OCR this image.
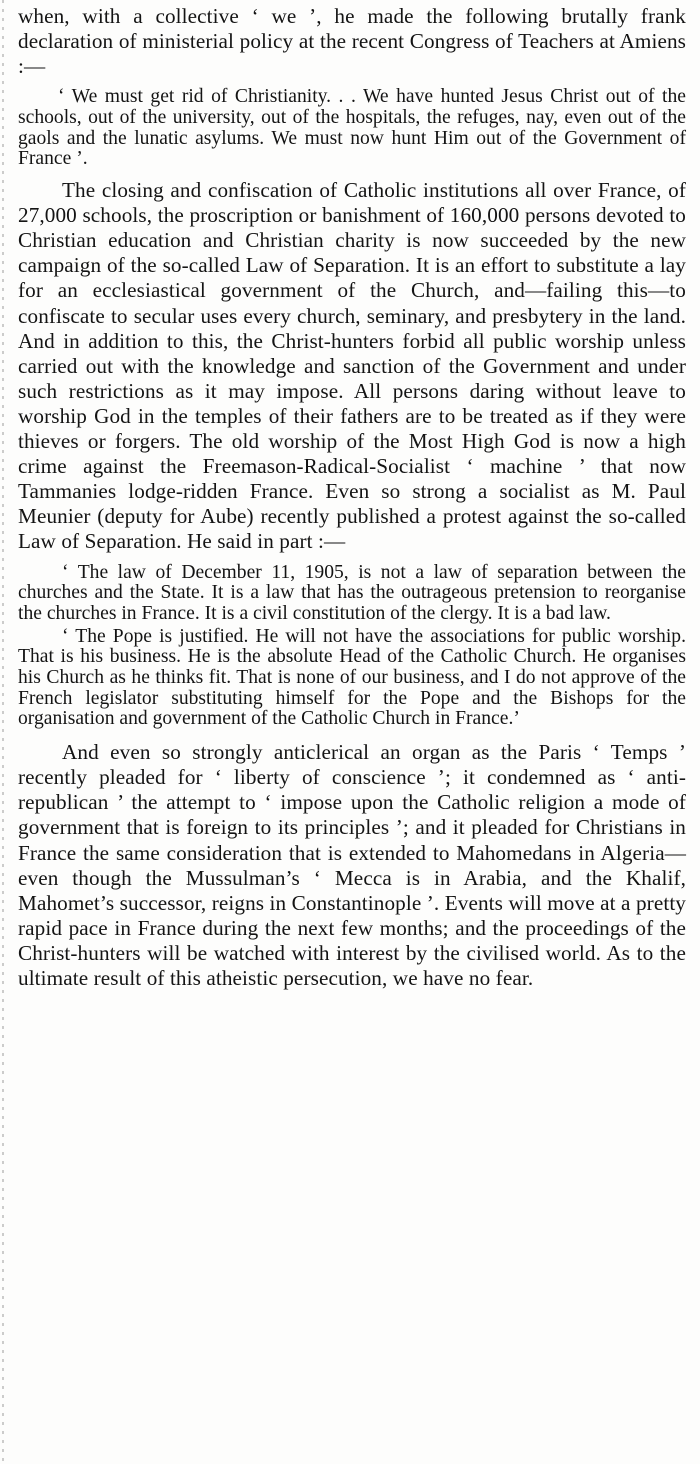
when, with a collective ‘ we ’, he made the following brutally frank declaration of ministerial policy at the recent Congress of Teachers at Amiens :—

‘ We must get rid of Christianity. . . We have hunted Jesus Christ out of the schools, out of the university, out of the hospitals, the refuges, nay, even out of the gaols and the lunatic asylums. We must now hunt Him out of the Government of France ’.

The closing and confiscation of Catholic institutions all over France, of 27,000 schools, the proscription or banishment of 160,000 persons devoted to Christian education and Christian charity is now succeeded by the new campaign of the so-called Law of Separation. It is an effort to substitute a lay for an ecclesiastical government of the Church, and—failing this—to confiscate to secular uses every church, seminary, and presbytery in the land. And in addition to this, the Christ-hunters forbid all public worship unless carried out with the knowledge and sanction of the Government and under such restrictions as it may impose. All persons daring without leave to worship God in the temples of their fathers are to be treated as if they were thieves or forgers. The old worship of the Most High God is now a high crime against the Freemason-Radical-Socialist ‘ machine ’ that now Tammanies lodge-ridden France. Even so strong a socialist as M. Paul Meunier (deputy for Aube) recently published a protest against the so-called Law of Separation. He said in part :—

‘ The law of December 11, 1905, is not a law of separation between the churches and the State. It is a law that has the outrageous pretension to reorganise the churches in France. It is a civil constitution of the clergy. It is a bad law.

‘ The Pope is justified. He will not have the associations for public worship. That is his business. He is the absolute Head of the Catholic Church. He organises his Church as he thinks fit. That is none of our business, and I do not approve of the French legislator substituting himself for the Pope and the Bishops for the organisation and government of the Catholic Church in France.’

And even so strongly anticlerical an organ as the Paris ‘ Temps ’ recently pleaded for ‘ liberty of conscience ’; it condemned as ‘ anti-republican ’ the attempt to ‘ impose upon the Catholic religion a mode of government that is foreign to its principles ’; and it pleaded for Christians in France the same consideration that is extended to Mahomedans in Algeria—even though the Mussulman’s ‘ Mecca is in Arabia, and the Khalif, Mahomet’s successor, reigns in Constantinople ’. Events will move at a pretty rapid pace in France during the next few months; and the proceedings of the Christ-hunters will be watched with interest by the civilised world. As to the ultimate result of this atheistic persecution, we have no fear.
